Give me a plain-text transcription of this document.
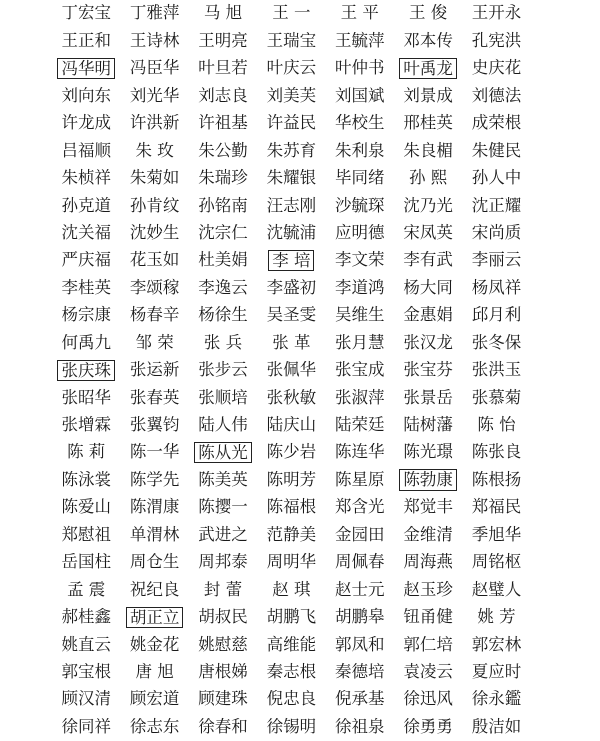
丁宏宝 丁雅萍 马 旭 王 一 王 平 王 俊 王开永
王正和 王诗林 王明亮 王瑞宝 王毓萍 邓本传 孔宪洪
冯华明 冯臣华 叶旦若 叶庆云 叶仲书 叶禹龙 史庆花
刘向东 刘光华 刘志良 刘美芙 刘国斌 刘景成 刘德法
许龙成 许洪新 许祖基 许益民 华校生 邢桂英 成荣根
吕福顺 朱 玫 朱公勤 朱苏育 朱利泉 朱良楣 朱健民
朱桢祥 朱菊如 朱瑞珍 朱耀银 毕同绪 孙 熙 孙人中
孙克道 孙肯纹 孙铭南 汪志刚 沙毓琛 沈乃光 沈正耀
沈关福 沈妙生 沈宗仁 沈毓浦 应明德 宋凤英 宋尚质
严庆福 花玉如 杜美娟 李 培 李文荣 李有武 李丽云
李桂英 李颂稼 李逸云 李盛初 李道鸿 杨大同 杨凤祥
杨宗康 杨春辛 杨徐生 吴圣雯 吴维生 金惠娟 邱月利
何禹九 邹 荣 张 兵 张 革 张月慧 张汉龙 张冬保
张庆珠 张运新 张步云 张佩华 张宝成 张宝芬 张洪玉
张昭华 张春英 张顺培 张秋敏 张淑萍 张景岳 张慕菊
张增霖 张翼钧 陆人伟 陆庆山 陆荣廷 陆树藩 陈 怡
陈 莉 陈一华 陈从光 陈少岩 陈连华 陈光璟 陈张良
陈泳裳 陈学先 陈美英 陈明芳 陈星原 陈勃康 陈根扬
陈爱山 陈渭康 陈撄一 陈福根 郑含光 郑觉丰 郑福民
郑慰祖 单渭林 武进之 范静美 金园田 金维清 季旭华
岳国柱 周仓生 周邦泰 周明华 周佩春 周海燕 周铭枢
孟 震 祝纪良 封 蕾 赵 琪 赵士元 赵玉珍 赵璧人
郝桂鑫 胡正立 胡叔民 胡鹏飞 胡鹏皋 钮甬健 姚 芳
姚直云 姚金花 姚慰慈 高维能 郭凤和 郭仁培 郭宏林
郭宝根 唐 旭 唐根娣 秦志根 秦德培 袁凌云 夏应时
顾汉清 顾宏道 顾建珠 倪忠良 倪承基 徐迅风 徐永鑑
徐同祥 徐志东 徐春和 徐锡明 徐祖泉 徐勇勇 殷洁如
